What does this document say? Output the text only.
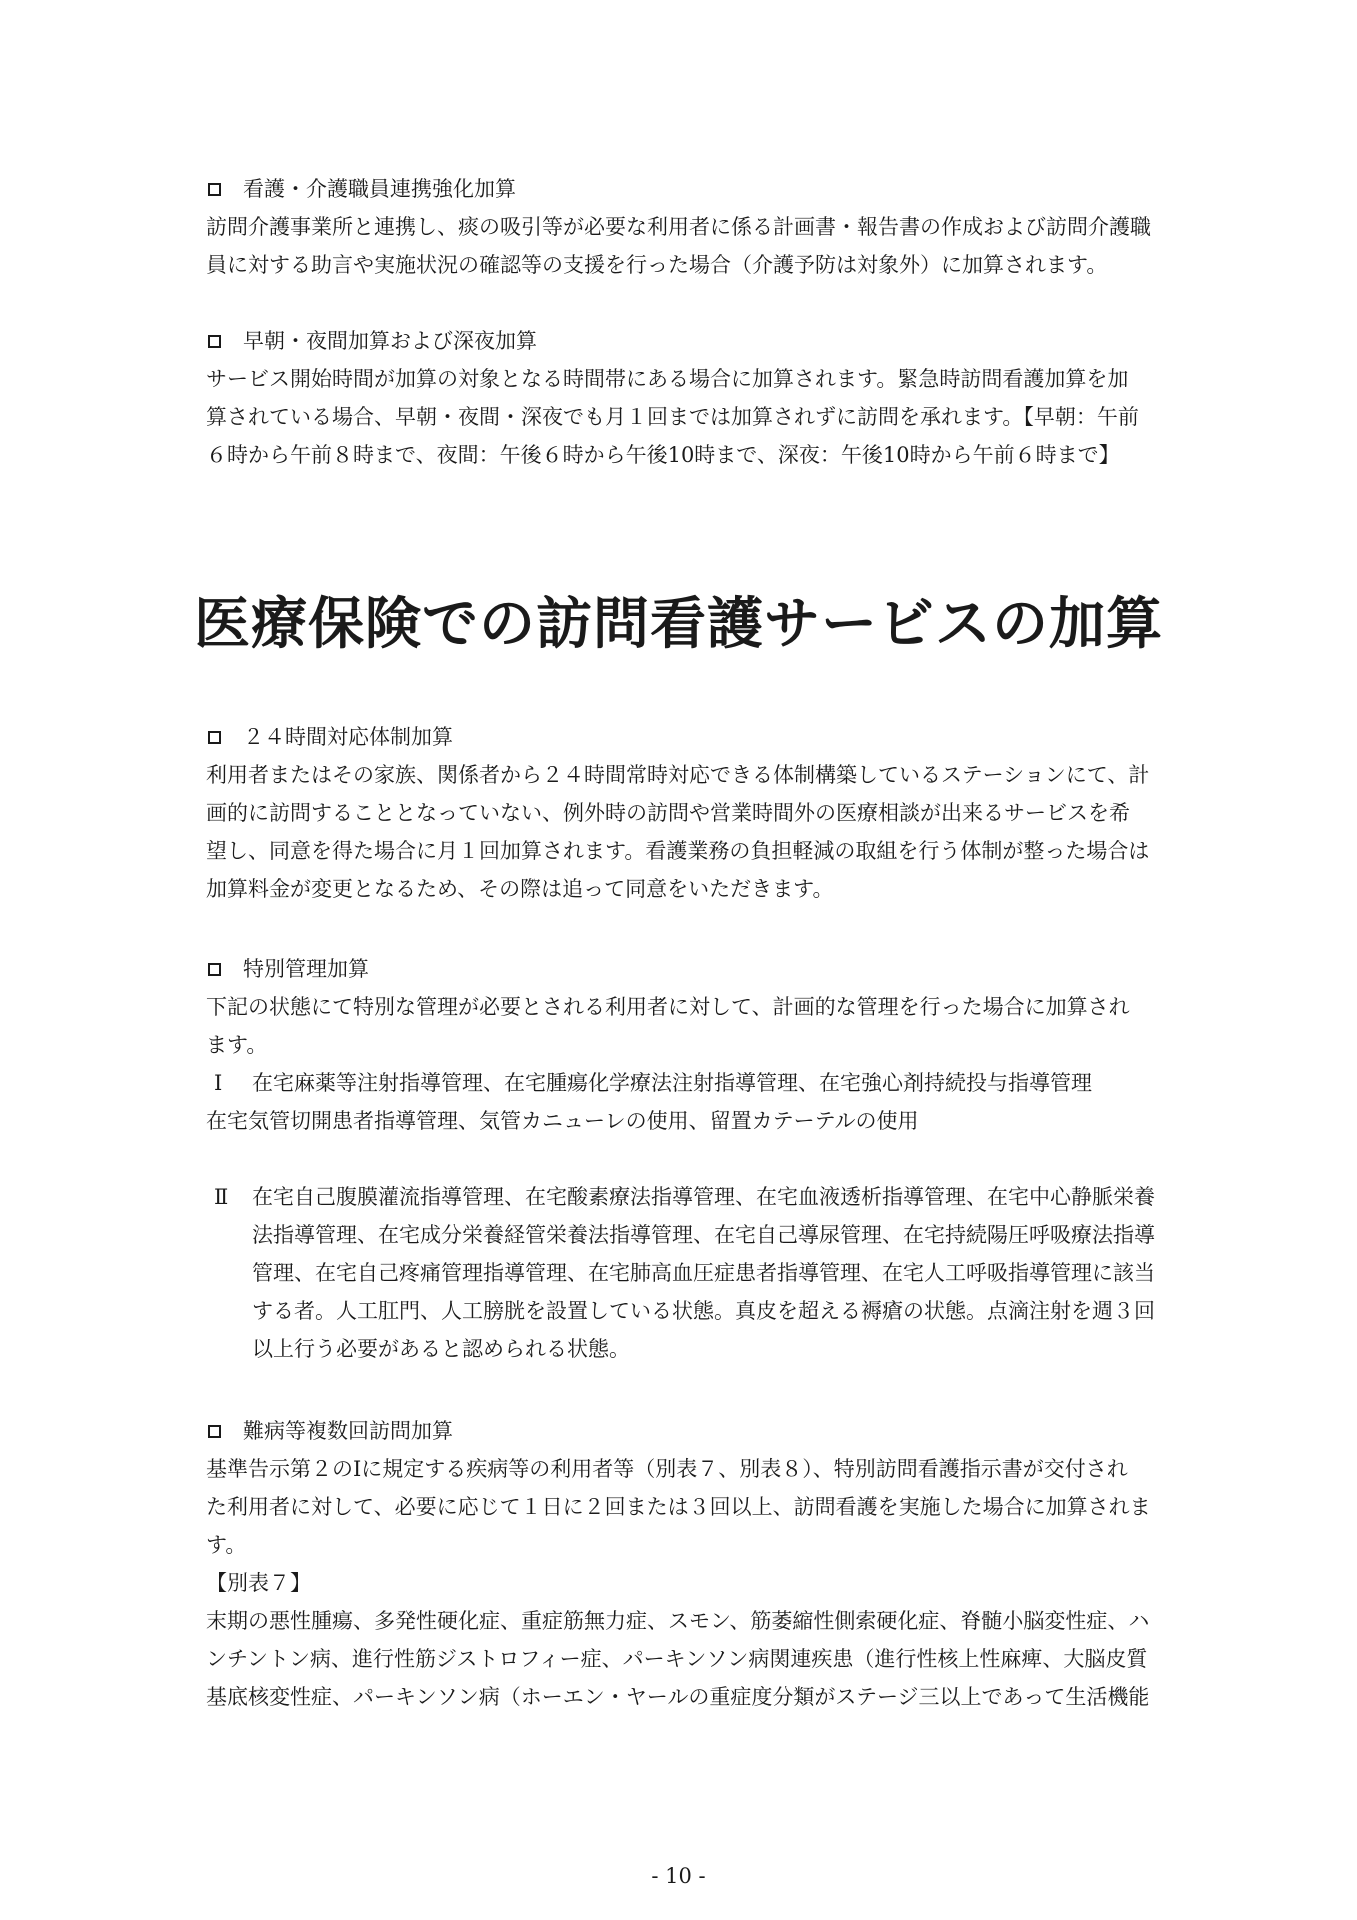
看護・介護職員連携強化加算
訪問介護事業所と連携し、痰の吸引等が必要な利用者に係る計画書・報告書の作成および訪問介護職
員に対する助言や実施状況の確認等の支援を行った場合（介護予防は対象外）に加算されます。
早朝・夜間加算および深夜加算
サービス開始時間が加算の対象となる時間帯にある場合に加算されます。緊急時訪問看護加算を加
算されている場合、早朝・夜間・深夜でも月１回までは加算されずに訪問を承れます。【早朝：午前
６時から午前８時まで、夜間：午後６時から午後10時まで、深夜：午後10時から午前６時まで】
医療保険での訪問看護サービスの加算
２４時間対応体制加算
利用者またはその家族、関係者から２４時間常時対応できる体制構築しているステーションにて、計
画的に訪問することとなっていない、例外時の訪問や営業時間外の医療相談が出来るサービスを希
望し、同意を得た場合に月１回加算されます。看護業務の負担軽減の取組を行う体制が整った場合は
加算料金が変更となるため、その際は追って同意をいただきます。
特別管理加算
下記の状態にて特別な管理が必要とされる利用者に対して、計画的な管理を行った場合に加算され
ます。
Ⅰ 在宅麻薬等注射指導管理、在宅腫瘍化学療法注射指導管理、在宅強心剤持続投与指導管理
在宅気管切開患者指導管理、気管カニューレの使用、留置カテーテルの使用
Ⅱ 在宅自己腹膜灌流指導管理、在宅酸素療法指導管理、在宅血液透析指導管理、在宅中心静脈栄養
法指導管理、在宅成分栄養経管栄養法指導管理、在宅自己導尿管理、在宅持続陽圧呼吸療法指導
管理、在宅自己疼痛管理指導管理、在宅肺高血圧症患者指導管理、在宅人工呼吸指導管理に該当
する者。人工肛門、人工膀胱を設置している状態。真皮を超える褥瘡の状態。点滴注射を週３回
以上行う必要があると認められる状態。
難病等複数回訪問加算
基準告示第２のⅠに規定する疾病等の利用者等（別表７、別表８）、特別訪問看護指示書が交付され
た利用者に対して、必要に応じて１日に２回または３回以上、訪問看護を実施した場合に加算されま
す。
【別表７】
末期の悪性腫瘍、多発性硬化症、重症筋無力症、スモン、筋萎縮性側索硬化症、脊髄小脳変性症、ハ
ンチントン病、進行性筋ジストロフィー症、パーキンソン病関連疾患（進行性核上性麻痺、大脳皮質
基底核変性症、パーキンソン病（ホーエン・ヤールの重症度分類がステージ三以上であって生活機能
- 10 -
